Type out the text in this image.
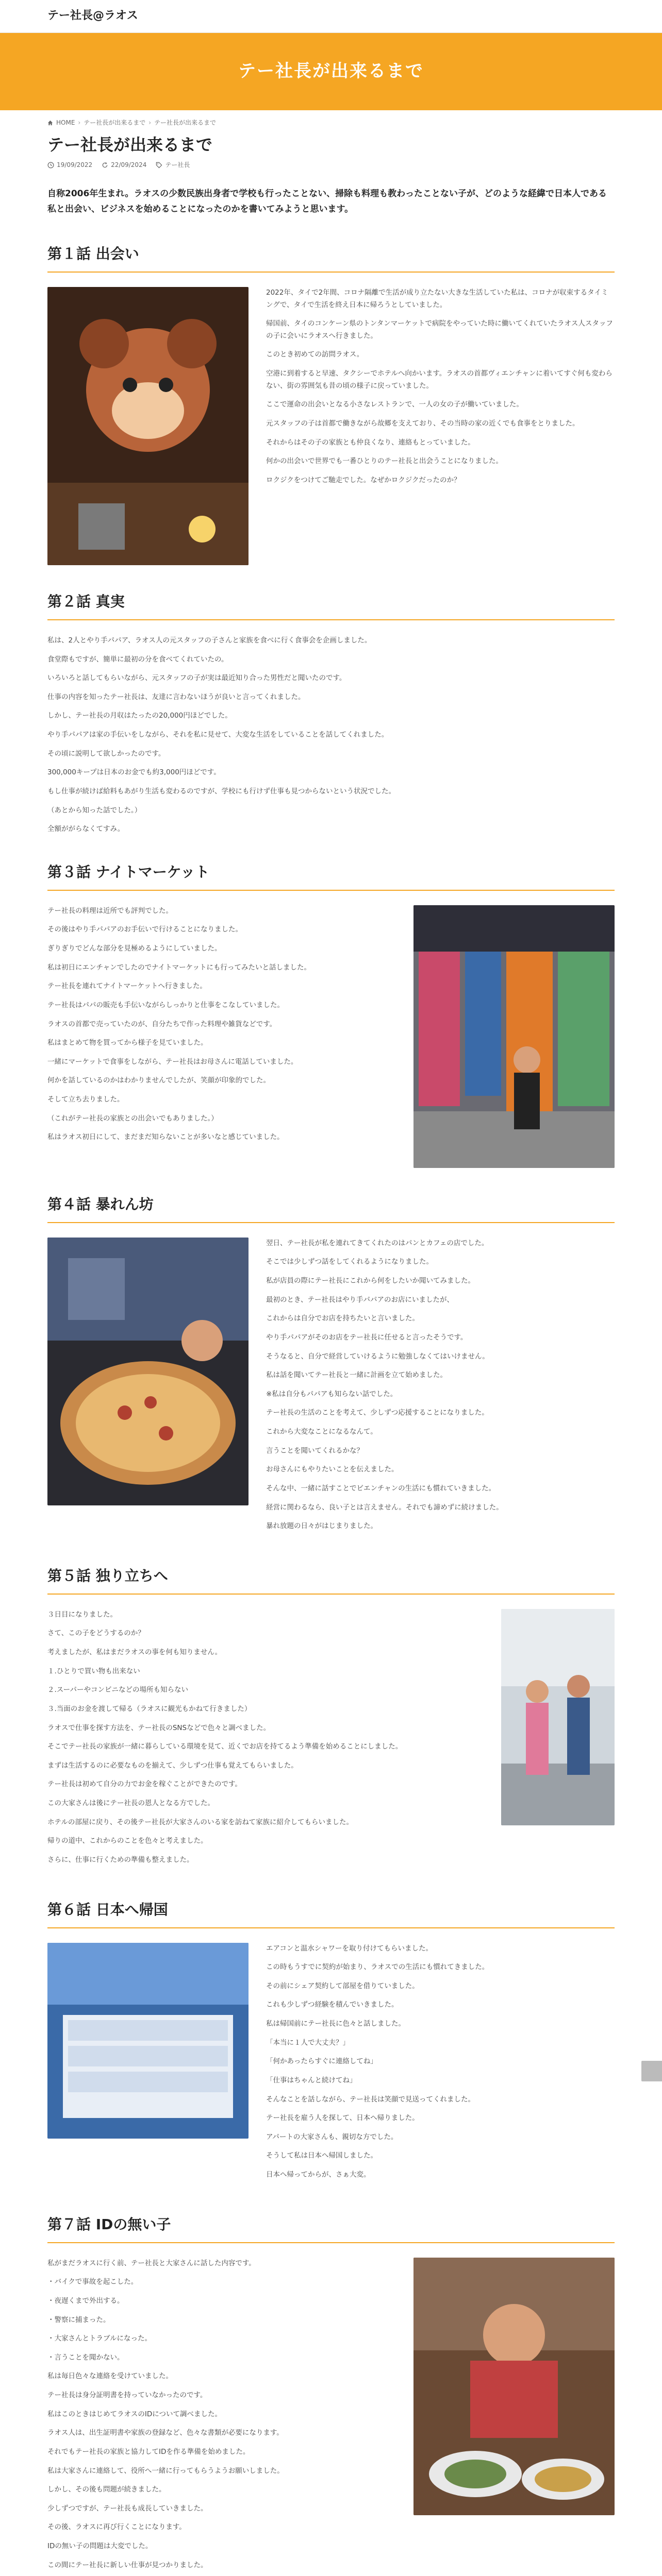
テー社長@ラオス
テー社長が出来るまで
HOME › テー社長が出来るまで › テー社長が出来るまで
テー社長が出来るまで
19/09/2022	22/09/2024	テー社長

自称2006年生まれ。ラオスの少数民族出身者で学校も行ったことない、掃除も料理も教わったことない子が、どのような経緯で日本人である私と出会い、ビジネスを始めることになったのかを書いてみようと思います。

第１話 出会い

2022年、タイで2年間、コロナ隔離で生活が成り立たない大きな生活していた私は、コロナが収束するタイミングで、タイで生活を終え日本に帰ろうとしていました。

帰国前、タイのコンケーン県のトンタンマーケットで病院をやっていた時に働いてくれていたラオス人スタッフの子に会いにラオスへ行きました。

このとき初めての訪問ラオス。

空港に到着すると早速、タクシーでホテルへ向かいます。ラオスの首都ヴィエンチャンに着いてすぐ何も変わらない、街の雰囲気も昔の頃の様子に戻っていました。

ここで運命の出会いとなる小さなレストランで、一人の女の子が働いていました。

元スタッフの子は首都で働きながら故郷を支えており、その当時の家の近くでも食事をとりました。

それからはその子の家族とも仲良くなり、連絡もとっていました。

何かの出会いで世界でも一番ひとりのテー社長と出会うことになりました。

ロクジクをつけてご馳走でした。なぜかロクジクだったのか？

第２話 真実

私は、2人とやり手パパア、ラオス人の元スタッフの子さんと家族を食べに行く食事会を企画しました。

食堂際もですが、簡単に最初の分を食べてくれていたの。

いろいろと話してもらいながら、元スタッフの子が実は最近知り合った男性だと聞いたのです。

仕事の内容を知ったテー社長は、友達に言わないほうが良いと言ってくれました。

しかし、テー社長の月収はたったの20,000円ほどでした。

やり手パパアは家の手伝いをしながら、それを私に見せて、大変な生活をしていることを話してくれました。

その頃に説明して欲しかったのです。

300,000キープは日本のお金でも約3,000円ほどです。

もし仕事が続けば給料もあがり生活も変わるのですが、学校にも行けず仕事も見つからないという状況でした。

（あとから知った話でした。）

全額ががらなくてすみ。

第３話 ナイトマーケット

テー社長の料理は近所でも評判でした。

その後はやり手パパアのお手伝いで行けることになりました。

ぎりぎりでどんな部分を見極めるようにしていました。

私は初日にエンチャンでしたのでナイトマーケットにも行ってみたいと話しました。

テー社長を連れてナイトマーケットへ行きました。

テー社長はパパの販売も手伝いながらしっかりと仕事をこなしていました。

ラオスの首都で売っていたのが、自分たちで作った料理や雑貨などです。

私はまとめて物を買ってから様子を見ていました。

一緒にマーケットで食事をしながら、テー社長はお母さんに電話していました。

何かを話しているのかはわかりませんでしたが、笑顔が印象的でした。

そして立ち去りました。

（これがテー社長の家族との出会いでもありました。）

私はラオス初日にして、まだまだ知らないことが多いなと感じていました。

第４話 暴れん坊

翌日、テー社長が私を連れてきてくれたのはパンとカフェの店でした。

そこでは少しずつ話をしてくれるようになりました。

私が店員の際にテー社長にこれから何をしたいか聞いてみました。

最初のとき、テー社長はやり手パパアのお店にいましたが、

これからは自分でお店を持ちたいと言いました。

やり手パパアがそのお店をテー社長に任せると言ったそうです。

そうなると、自分で経営していけるように勉強しなくてはいけません。

私は話を聞いてテー社長と一緒に計画を立て始めました。

※私は自分もパパアも知らない話でした。

テー社長の生活のことを考えて、少しずつ応援することになりました。

これから大変なことになるなんて。

言うことを聞いてくれるかな？

お母さんにもやりたいことを伝えました。

そんな中、一緒に話すことでビエンチャンの生活にも慣れていきました。

経営に関わるなら、良い子とは言えません。それでも諦めずに続けました。

暴れ放題の日々がはじまりました。

第５話 独り立ちへ

３日目になりました。

さて、この子をどうするのか？

考えましたが、私はまだラオスの事を何も知りません。

１.ひとりで買い物も出来ない

２.スーパーやコンビニなどの場所も知らない

３.当面のお金を渡して帰る（ラオスに観光もかねて行きました）

ラオスで仕事を探す方法を、テー社長のSNSなどで色々と調べました。

そこでテー社長の家族が一緒に暮らしている環境を見て、近くでお店を持てるよう準備を始めることにしました。

まずは生活するのに必要なものを揃えて、少しずつ仕事も覚えてもらいました。

テー社長は初めて自分の力でお金を稼ぐことができたのです。

この大家さんは後にテー社長の恩人となる方でした。

ホテルの部屋に戻り、その後テー社長が大家さんのいる家を訪ねて家族に紹介してもらいました。

帰りの道中、これからのことを色々と考えました。

さらに、仕事に行くための準備も整えました。

第６話 日本へ帰国

エアコンと温水シャワーを取り付けてもらいました。

この時もうすでに契約が始まり、ラオスでの生活にも慣れてきました。

その前にシェア契約して部屋を借りていました。

これも少しずつ経験を積んでいきました。

私は帰国前にテー社長に色々と話しました。

「本当に１人で大丈夫？」

「何かあったらすぐに連絡してね」

「仕事はちゃんと続けてね」

そんなことを話しながら、テー社長は笑顔で見送ってくれました。

テー社長を雇う人を探して、日本へ帰りました。

アパートの大家さんも、親切な方でした。

そうして私は日本へ帰国しました。

日本へ帰ってからが、さぁ大変。

第７話 IDの無い子

私がまだラオスに行く前、テー社長と大家さんに話した内容です。

・バイクで事故を起こした。

・夜遅くまで外出する。

・警察に捕まった。

・大家さんとトラブルになった。

・言うことを聞かない。

私は毎日色々な連絡を受けていました。

テー社長は身分証明書を持っていなかったのです。

私はこのときはじめてラオスのIDについて調べました。

ラオス人は、出生証明書や家族の登録など、色々な書類が必要になります。

それでもテー社長の家族と協力してIDを作る準備を始めました。

私は大家さんに連絡して、役所へ一緒に行ってもらうようお願いしました。

しかし、その後も問題が続きました。

少しずつですが、テー社長も成長していきました。

その後、ラオスに再び行くことになります。

IDの無い子の問題は大変でした。

この間にテー社長に新しい仕事が見つかりました。
